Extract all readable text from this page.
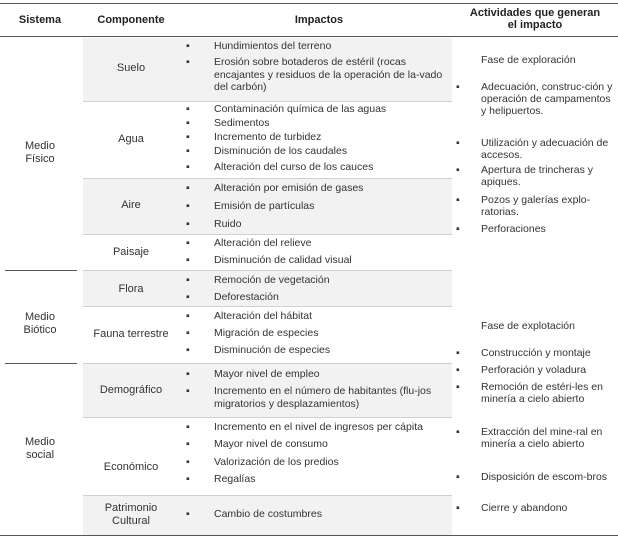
Sistema	Componente	Impactos
Actividades que generan
el impacto
Medio
Físico
Medio
Biótico
Medio
social
Suelo
Agua
Aire
Paisaje
Flora
Fauna terrestre
Demográfico
Económico
Patrimonio
Cultural
▪ Hundimientos del terreno
▪ Erosión sobre botaderos de estéril (rocas encajantes y residuos de la operación de la-vado del carbón)
▪ Contaminación química de las aguas
▪ Sedimentos
▪ Incremento de turbidez
▪ Disminución de los caudales
▪ Alteración del curso de los cauces
▪ Alteración por emisión de gases
▪ Emisión de partículas
▪ Ruido
▪ Alteración del relieve
▪ Disminución de calidad visual
▪ Remoción de vegetación
▪ Deforestación
▪ Alteración del hábitat
▪ Migración de especies
▪ Disminución de especies
▪ Mayor nivel de empleo
▪ Incremento en el número de habitantes (flu-jos migratorios y desplazamientos)
▪ Incremento en el nivel de ingresos per cápita
▪ Mayor nivel de consumo
▪ Valorización de los predios
▪ Regalías
▪ Cambio de costumbres
Fase de exploración
▪ Adecuación, construc-ción y operación de campamentos y helipuertos.
▪ Utilización y adecuación de accesos.
▪ Apertura de trincheras y apiques.
▪ Pozos y galerías explo-ratorias.
▪ Perforaciones
Fase de explotación
▪ Construcción y montaje
▪ Perforación y voladura
▪ Remoción de estéri-les en minería a cielo abierto
▪ Extracción del mine-ral en minería a cielo abierto
▪ Disposición de escom-bros
▪ Cierre y abandono
